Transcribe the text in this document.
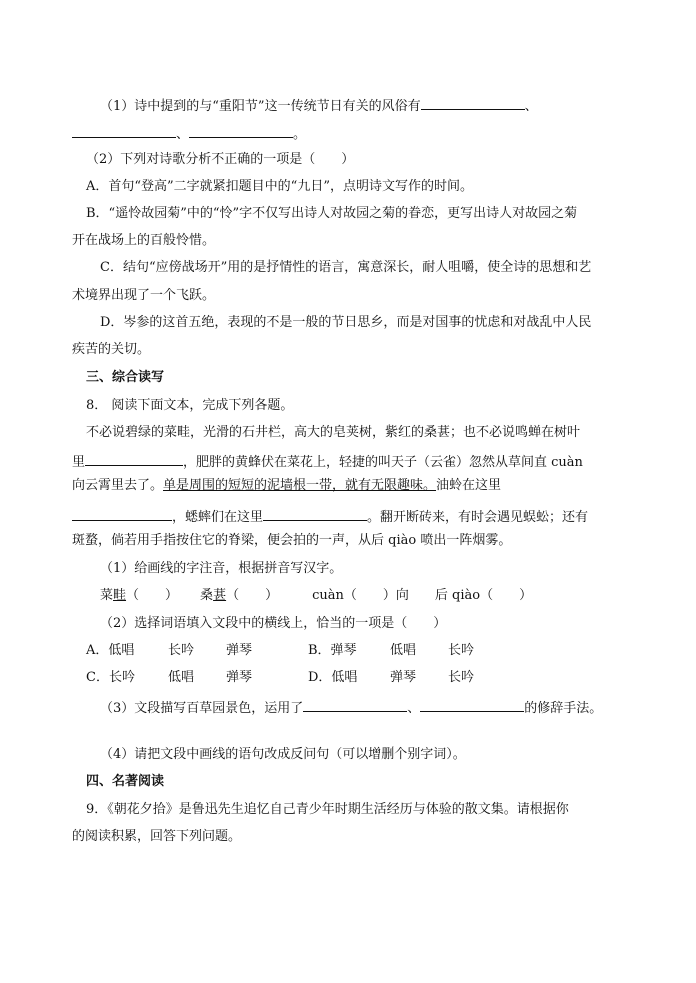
（1）诗中提到的与“重阳节”这一传统节日有关的风俗有	、
、	。
（2）下列对诗歌分析不正确的一项是（　　）
A．首句“登高”二字就紧扣题目中的“九日”，点明诗文写作的时间。
B．“遥怜故园菊”中的“怜”字不仅写出诗人对故园之菊的眷恋，更写出诗人对故园之菊
开在战场上的百般怜惜。
C．结句“应傍战场开”用的是抒情性的语言，寓意深长，耐人咀嚼，使全诗的思想和艺
术境界出现了一个飞跃。
D．岑参的这首五绝，表现的不是一般的节日思乡，而是对国事的忧虑和对战乱中人民
疾苦的关切。
三、综合读写
8． 阅读下面文本，完成下列各题。
不必说碧绿的菜畦，光滑的石井栏，高大的皂荚树，紫红的桑葚；也不必说鸣蝉在树叶
里	，肥胖的黄蜂伏在菜花上，轻捷的叫天子（云雀）忽然从草间直 cuàn
向云霄里去了。单是周围的短短的泥墙根一带，就有无限趣味。油蛉在这里
，蟋蟀们在这里	。翻开断砖来，有时会遇见蜈蚣；还有
斑蝥，倘若用手指按住它的脊梁，便会拍的一声，从后 qiào 喷出一阵烟雾。
（1）给画线的字注音，根据拼音写汉字。
菜畦（　　） 桑葚（　　）	cuàn（　　）向 后 qiào（　　）
（2）选择词语填入文段中的横线上，恰当的一项是（　　）
A．低唱	长吟 弹琴	B．弹琴	低唱 长吟
C．长吟	低唱 弹琴	D．低唱	弹琴 长吟
（3）文段描写百草园景色，运用了	、	的修辞手法。
（4）请把文段中画线的语句改成反问句（可以增删个别字词）。
四、名著阅读
9．《朝花夕拾》是鲁迅先生追忆自己青少年时期生活经历与体验的散文集。请根据你
的阅读积累，回答下列问题。
